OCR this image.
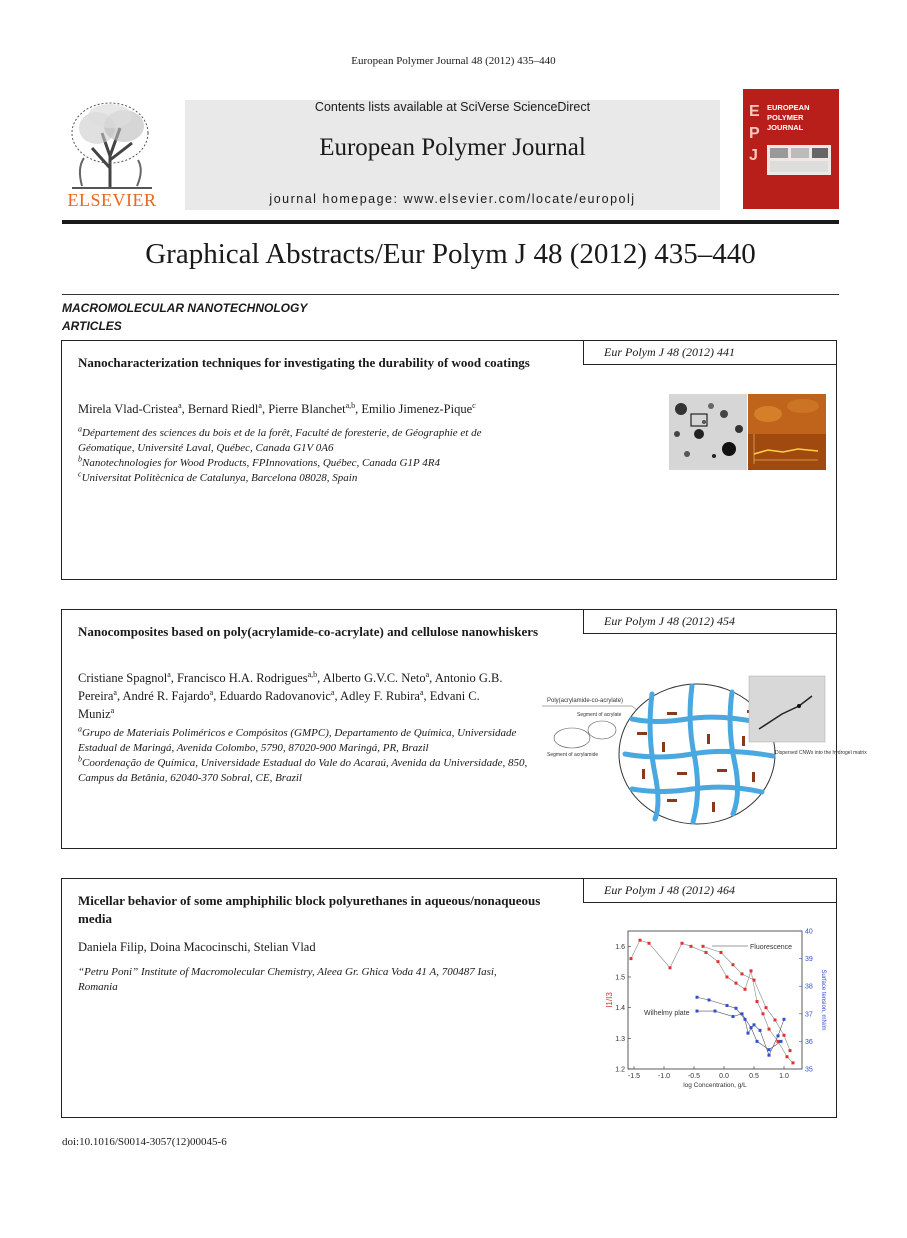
European Polymer Journal 48 (2012) 435–440
ELSEVIER
Contents lists available at SciVerse ScienceDirect
European Polymer Journal
journal homepage: www.elsevier.com/locate/europolj
E
P
J
EUROPEAN
POLYMER
JOURNAL
Graphical Abstracts/Eur Polym J 48 (2012) 435–440
MACROMOLECULAR NANOTECHNOLOGY
ARTICLES
Nanocharacterization techniques for investigating the durability of wood coatings
Eur Polym J 48 (2012) 441
Mirela Vlad-Cristea$^a$, Bernard Riedl$^a$, Pierre Blanchet$^{a,b}$, Emilio Jimenez-Pique$^c$
$^a$Département des sciences du bois et de la forêt, Faculté de foresterie, de Géographie et de Géomatique, Université Laval, Québec, Canada G1V 0A6
$^b$Nanotechnologies for Wood Products, FPInnovations, Québec, Canada G1P 4R4
$^c$Universitat Politècnica de Catalunya, Barcelona 08028, Spain
Nanocomposites based on poly(acrylamide-co-acrylate) and cellulose nanowhiskers
Eur Polym J 48 (2012) 454
Cristiane Spagnol$^a$, Francisco H.A. Rodrigues$^{a,b}$, Alberto G.V.C. Neto$^a$, Antonio G.B. Pereira$^a$, André R. Fajardo$^a$, Eduardo Radovanovic$^a$, Adley F. Rubira$^a$, Edvani C. Muniz$^a$
$^a$Grupo de Materiais Poliméricos e Compósitos (GMPC), Departamento de Química, Universidade Estadual de Maringá, Avenida Colombo, 5790, 87020-900 Maringá, PR, Brazil
$^b$Coordenação de Química, Universidade Estadual do Vale do Acaraú, Avenida da Universidade, 850, Campus da Betânia, 62040-370 Sobral, CE, Brazil
Poly(acrylamide-co-acrylate)
Segment of acrylate
Segment of acrylamide	Dispersed CNWs into the hydrogel matrix
Micellar behavior of some amphiphilic block polyurethanes in aqueous/nonaqueous media
Eur Polym J 48 (2012) 464
Daniela Filip, Doina Macocinschi, Stelian Vlad
“Petru Poni” Institute of Macromolecular Chemistry, Aleea Gr. Ghica Voda 41 A, 700487 Iasi, Romania
-1.5	-1.0	-0.5	0.0	0.5	1.0
1.2
1.3
1.4
1.5
1.6
35
36
37
38
39
40
log Concentration, g/L
I1/I3	Surface tension, mN/m
Fluorescence
Wilhelmy plate
doi:10.1016/S0014-3057(12)00045-6
